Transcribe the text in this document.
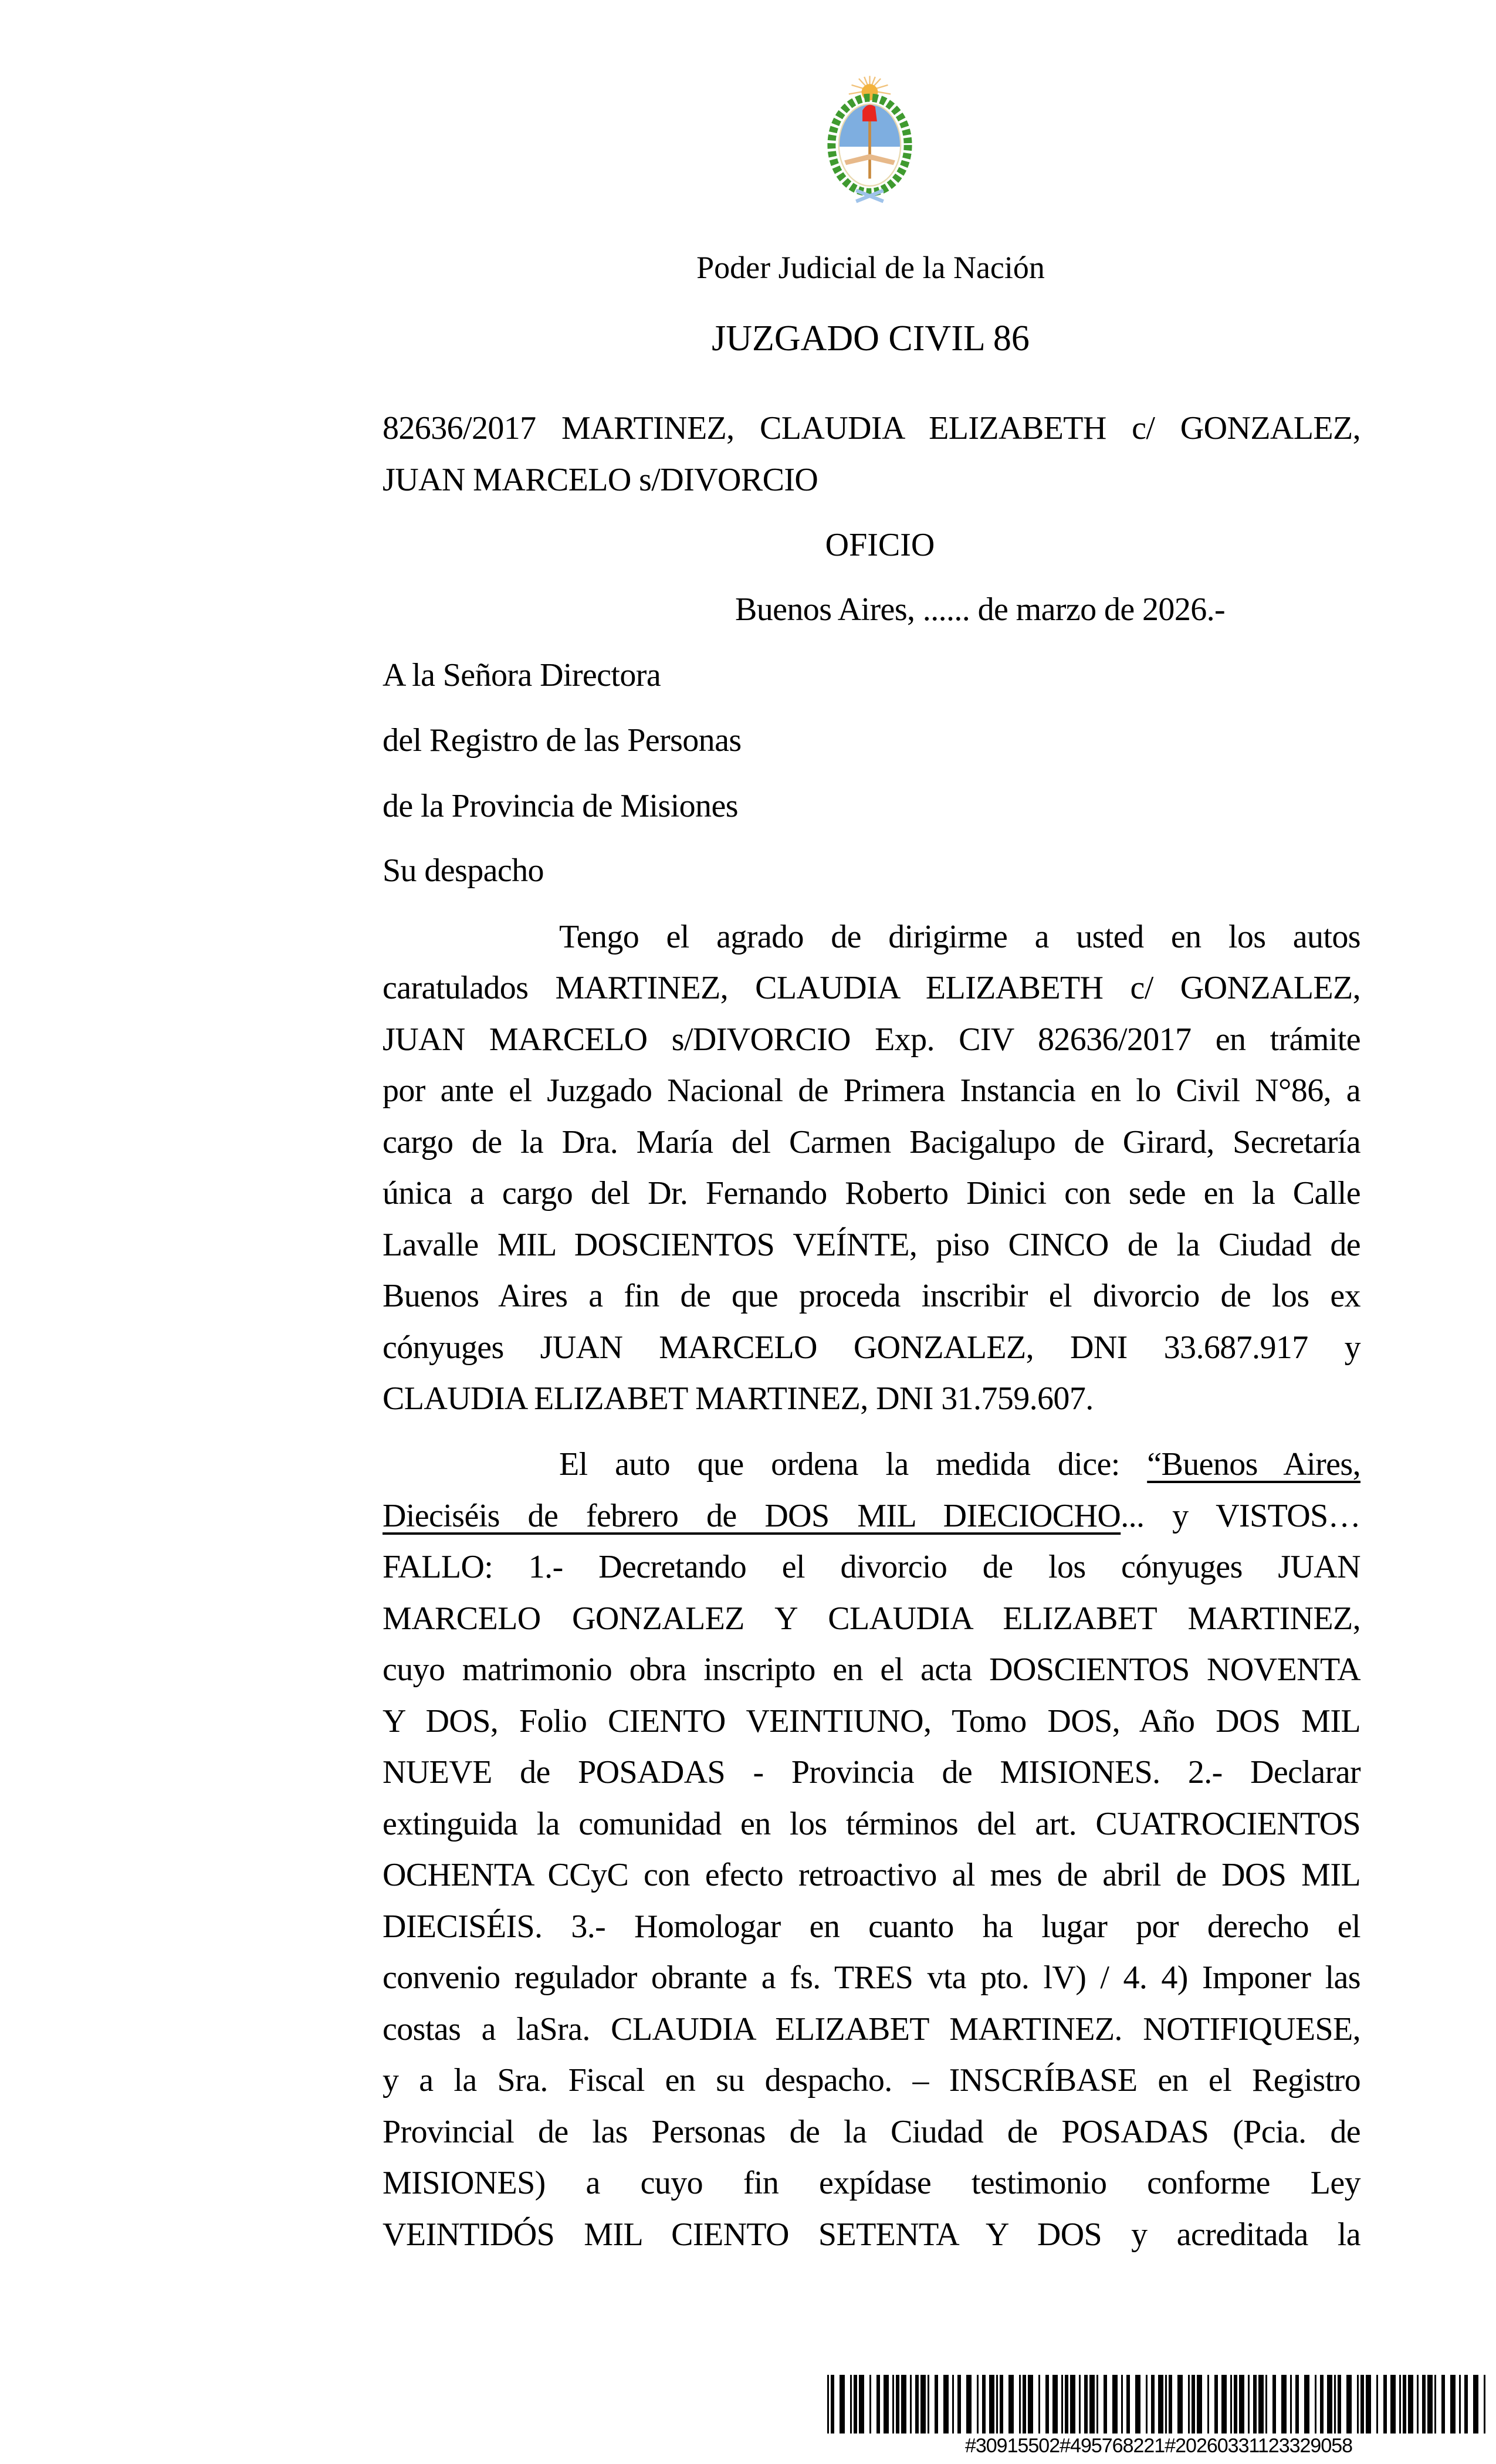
Poder Judicial de la Nación
JUZGADO CIVIL 86
82636/2017 MARTINEZ, CLAUDIA ELIZABETH c/ GONZALEZ,
JUAN MARCELO s/DIVORCIO
OFICIO
Buenos Aires, ...... de marzo de 2026.-
A la Señora Directora
del Registro de las Personas
de la Provincia de Misiones
Su despacho
Tengo el agrado de dirigirme a usted en los autos
caratulados MARTINEZ, CLAUDIA ELIZABETH c/ GONZALEZ,
JUAN MARCELO s/DIVORCIO Exp. CIV 82636/2017 en trámite
por ante el Juzgado Nacional de Primera Instancia en lo Civil N°86, a
cargo de la Dra. María del Carmen Bacigalupo de Girard, Secretaría
única a cargo del Dr. Fernando Roberto Dinici con sede en la Calle
Lavalle MIL DOSCIENTOS VEÍNTE, piso CINCO de la Ciudad de
Buenos Aires a fin de que proceda inscribir el divorcio de los ex
cónyuges JUAN MARCELO GONZALEZ, DNI 33.687.917 y
CLAUDIA ELIZABET MARTINEZ, DNI 31.759.607.
El auto que ordena la medida dice: “Buenos Aires,
Dieciséis de febrero de DOS MIL DIECIOCHO... y VISTOS…
FALLO: 1.- Decretando el divorcio de los cónyuges JUAN
MARCELO GONZALEZ Y CLAUDIA ELIZABET MARTINEZ,
cuyo matrimonio obra inscripto en el acta DOSCIENTOS NOVENTA
Y DOS, Folio CIENTO VEINTIUNO, Tomo DOS, Año DOS MIL
NUEVE de POSADAS - Provincia de MISIONES. 2.- Declarar
extinguida la comunidad en los términos del art. CUATROCIENTOS
OCHENTA CCyC con efecto retroactivo al mes de abril de DOS MIL
DIECISÉIS. 3.- Homologar en cuanto ha lugar por derecho el
convenio regulador obrante a fs. TRES vta pto. lV) / 4. 4) Imponer las
costas a laSra. CLAUDIA ELIZABET MARTINEZ. NOTIFIQUESE,
y a la Sra. Fiscal en su despacho. – INSCRÍBASE en el Registro
Provincial de las Personas de la Ciudad de POSADAS (Pcia. de
MISIONES) a cuyo fin expídase testimonio conforme Ley
VEINTIDÓS MIL CIENTO SETENTA Y DOS y acreditada la
#30915502#495768221#20260331123329058
